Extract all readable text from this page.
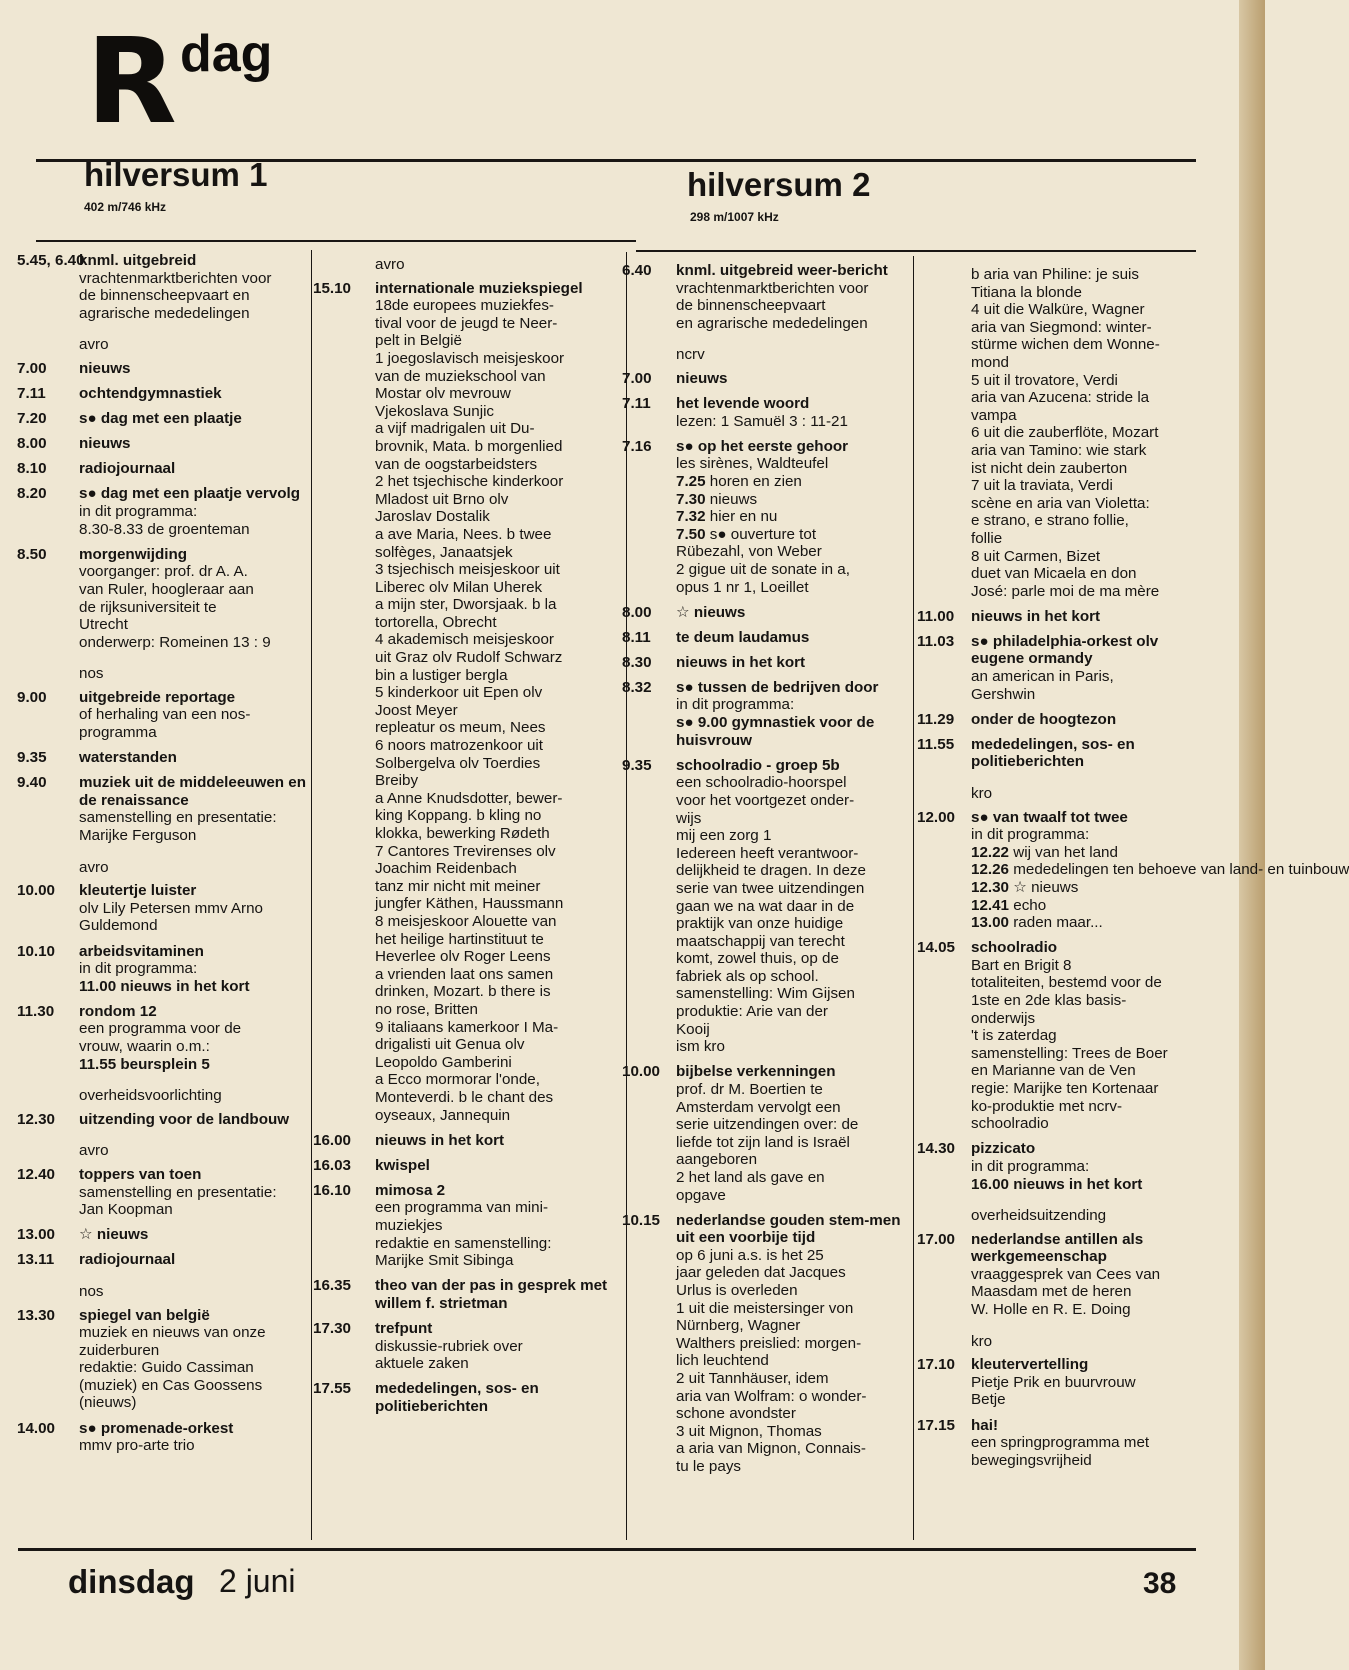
R dag
hilversum 1
402 m/746 kHz
hilversum 2
298 m/1007 kHz
5.45, 6.40
knml. uitgebreid
vrachtenmarktberichten voor
de binnenscheepvaart en
agrarische mededelingen
avro
7.00 nieuws
7.11 ochtendgymnastiek
7.20 s● dag met een plaatje
8.00 nieuws
8.10 radiojournaal
8.20 s● dag met een plaatje vervolg
in dit programma:
8.30-8.33 de groenteman
8.50 morgenwijding
voorganger: prof. dr A. A.
van Ruler, hoogleraar aan
de rijksuniversiteit te
Utrecht
onderwerp: Romeinen 13 : 9
nos
9.00 uitgebreide reportage
of herhaling van een nos-
programma
9.35 waterstanden
9.40 muziek uit de middeleeuwen en de renaissance
samenstelling en presentatie:
Marijke Ferguson
avro
10.00 kleutertje luister
olv Lily Petersen mmv Arno
Guldemond
10.10 arbeidsvitaminen
in dit programma:
11.00 nieuws in het kort
11.30 rondom 12
een programma voor de
vrouw, waarin o.m.:
11.55 beursplein 5
overheidsvoorlichting
12.30 uitzending voor de landbouw
avro
12.40 toppers van toen
samenstelling en presentatie:
Jan Koopman
13.00 ☆ nieuws
13.11 radiojournaal
nos
13.30 spiegel van belgië
muziek en nieuws van onze
zuiderburen
redaktie: Guido Cassiman
(muziek) en Cas Goossens
(nieuws)
14.00 s● promenade-orkest
mmv pro-arte trio
avro
15.10 internationale muziekspiegel
18de europees muziekfes-
tival voor de jeugd te Neer-
pelt in België
1 joegoslavisch meisjeskoor
van de muziekschool van
Mostar olv mevrouw
Vjekoslava Sunjic
a vijf madrigalen uit Du-
brovnik, Mata. b morgenlied
van de oogstarbeidsters
2 het tsjechische kinderkoor
Mladost uit Brno olv
Jaroslav Dostalik
a ave Maria, Nees. b twee
solfèges, Janaatsjek
3 tsjechisch meisjeskoor uit
Liberec olv Milan Uherek
a mijn ster, Dworsjaak. b la
tortorella, Obrecht
4 akademisch meisjeskoor
uit Graz olv Rudolf Schwarz
bin a lustiger bergla
5 kinderkoor uit Epen olv
Joost Meyer
repleatur os meum, Nees
6 noors matrozenkoor uit
Solbergelva olv Toerdies
Breiby
a Anne Knudsdotter, bewer-
king Koppang. b kling no
klokka, bewerking Rødeth
7 Cantores Trevirenses olv
Joachim Reidenbach
tanz mir nicht mit meiner
jungfer Käthen, Haussmann
8 meisjeskoor Alouette van
het heilige hartinstituut te
Heverlee olv Roger Leens
a vrienden laat ons samen
drinken, Mozart. b there is
no rose, Britten
9 italiaans kamerkoor I Ma-
drigalisti uit Genua olv
Leopoldo Gamberini
a Ecco mormorar l'onde,
Monteverdi. b le chant des
oyseaux, Jannequin
16.00 nieuws in het kort
16.03 kwispel
16.10 mimosa 2
een programma van mini-
muziekjes
redaktie en samenstelling:
Marijke Smit Sibinga
16.35 theo van der pas in gesprek met willem f. strietman
17.30 trefpunt
diskussie-rubriek over
aktuele zaken
17.55 mededelingen, sos- en politieberichten
6.40 knml. uitgebreid weer-bericht
vrachtenmarktberichten voor
de binnenscheepvaart
en agrarische mededelingen
ncrv
7.00 nieuws
7.11 het levende woord
lezen: 1 Samuël 3 : 11-21
7.16 s● op het eerste gehoor
les sirènes, Waldteufel
7.25 horen en zien
7.30 nieuws
7.32 hier en nu
7.50 s● ouverture tot
Rübezahl, von Weber
2 gigue uit de sonate in a,
opus 1 nr 1, Loeillet
8.00 ☆ nieuws
8.11 te deum laudamus
8.30 nieuws in het kort
8.32 s● tussen de bedrijven door
in dit programma:
s● 9.00 gymnastiek voor de huisvrouw
9.35 schoolradio - groep 5b
een schoolradio-hoorspel
voor het voortgezet onder-
wijs
mij een zorg 1
Iedereen heeft verantwoor-
delijkheid te dragen. In deze
serie van twee uitzendingen
gaan we na wat daar in de
praktijk van onze huidige
maatschappij van terecht
komt, zowel thuis, op de
fabriek als op school.
samenstelling: Wim Gijsen
produktie: Arie van der
Kooij
ism kro
10.00 bijbelse verkenningen
prof. dr M. Boertien te
Amsterdam vervolgt een
serie uitzendingen over: de
liefde tot zijn land is Israël
aangeboren
2 het land als gave en
opgave
10.15 nederlandse gouden stem-men uit een voorbije tijd
op 6 juni a.s. is het 25
jaar geleden dat Jacques
Urlus is overleden
1 uit die meistersinger von
Nürnberg, Wagner
Walthers preislied: morgen-
lich leuchtend
2 uit Tannhäuser, idem
aria van Wolfram: o wonder-
schone avondster
3 uit Mignon, Thomas
a aria van Mignon, Connais-
tu le pays
b aria van Philine: je suis
Titiana la blonde
4 uit die Walküre, Wagner
aria van Siegmond: winter-
stürme wichen dem Wonne-
mond
5 uit il trovatore, Verdi
aria van Azucena: stride la
vampa
6 uit die zauberflöte, Mozart
aria van Tamino: wie stark
ist nicht dein zauberton
7 uit la traviata, Verdi
scène en aria van Violetta:
e strano, e strano follie,
follie
8 uit Carmen, Bizet
duet van Micaela en don
José: parle moi de ma mère
11.00 nieuws in het kort
11.03 s● philadelphia-orkest olv eugene ormandy
an american in Paris,
Gershwin
11.29 onder de hoogtezon
11.55 mededelingen, sos- en politieberichten
kro
12.00 s● van twaalf tot twee
in dit programma:
12.22 wij van het land
12.26 mededelingen ten behoeve van land- en tuinbouw
12.30 ☆ nieuws
12.41 echo
13.00 raden maar...
14.05 schoolradio
Bart en Brigit 8
totaliteiten, bestemd voor de
1ste en 2de klas basis-
onderwijs
't is zaterdag
samenstelling: Trees de Boer
en Marianne van de Ven
regie: Marijke ten Kortenaar
ko-produktie met ncrv-
schoolradio
14.30 pizzicato
in dit programma:
16.00 nieuws in het kort
overheidsuitzending
17.00 nederlandse antillen als werkgemeenschap
vraaggesprek van Cees van
Maasdam met de heren
W. Holle en R. E. Doing
kro
17.10 kleutervertelling
Pietje Prik en buurvrouw
Betje
17.15 hai!
een springprogramma met
bewegingsvrijheid
dinsdag 2 juni	38
